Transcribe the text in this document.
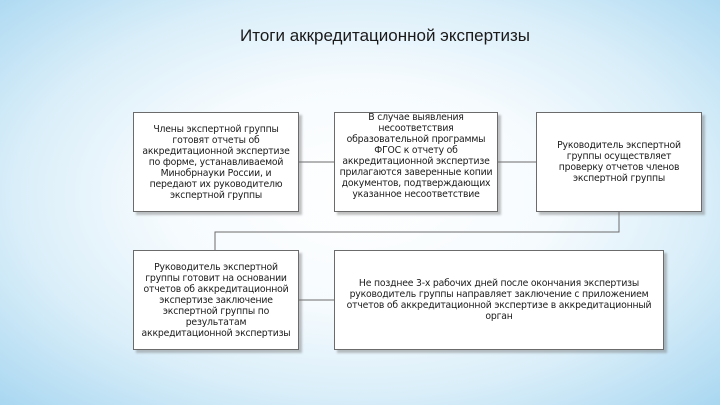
Итоги аккредитационной экспертизы
Члены экспертной группы готовят отчеты об аккредитационной экспертизе по форме, устанавливаемой Минобрнауки России, и передают их руководителю экспертной группы
В случае выявления несоответствия образовательной программы ФГОС к отчету об аккредитационной экспертизе прилагаются заверенные копии документов, подтверждающих указанное несоответствие
Руководитель экспертной группы осуществляет проверку отчетов членов экспертной группы
Руководитель экспертной группы готовит на основании отчетов об аккредитационной экспертизе заключение экспертной группы по результатам аккредитационной экспертизы
Не позднее 3-х рабочих дней после окончания экспертизы руководитель группы направляет заключение с приложением отчетов об аккредитационной экспертизе в аккредитационный орган
